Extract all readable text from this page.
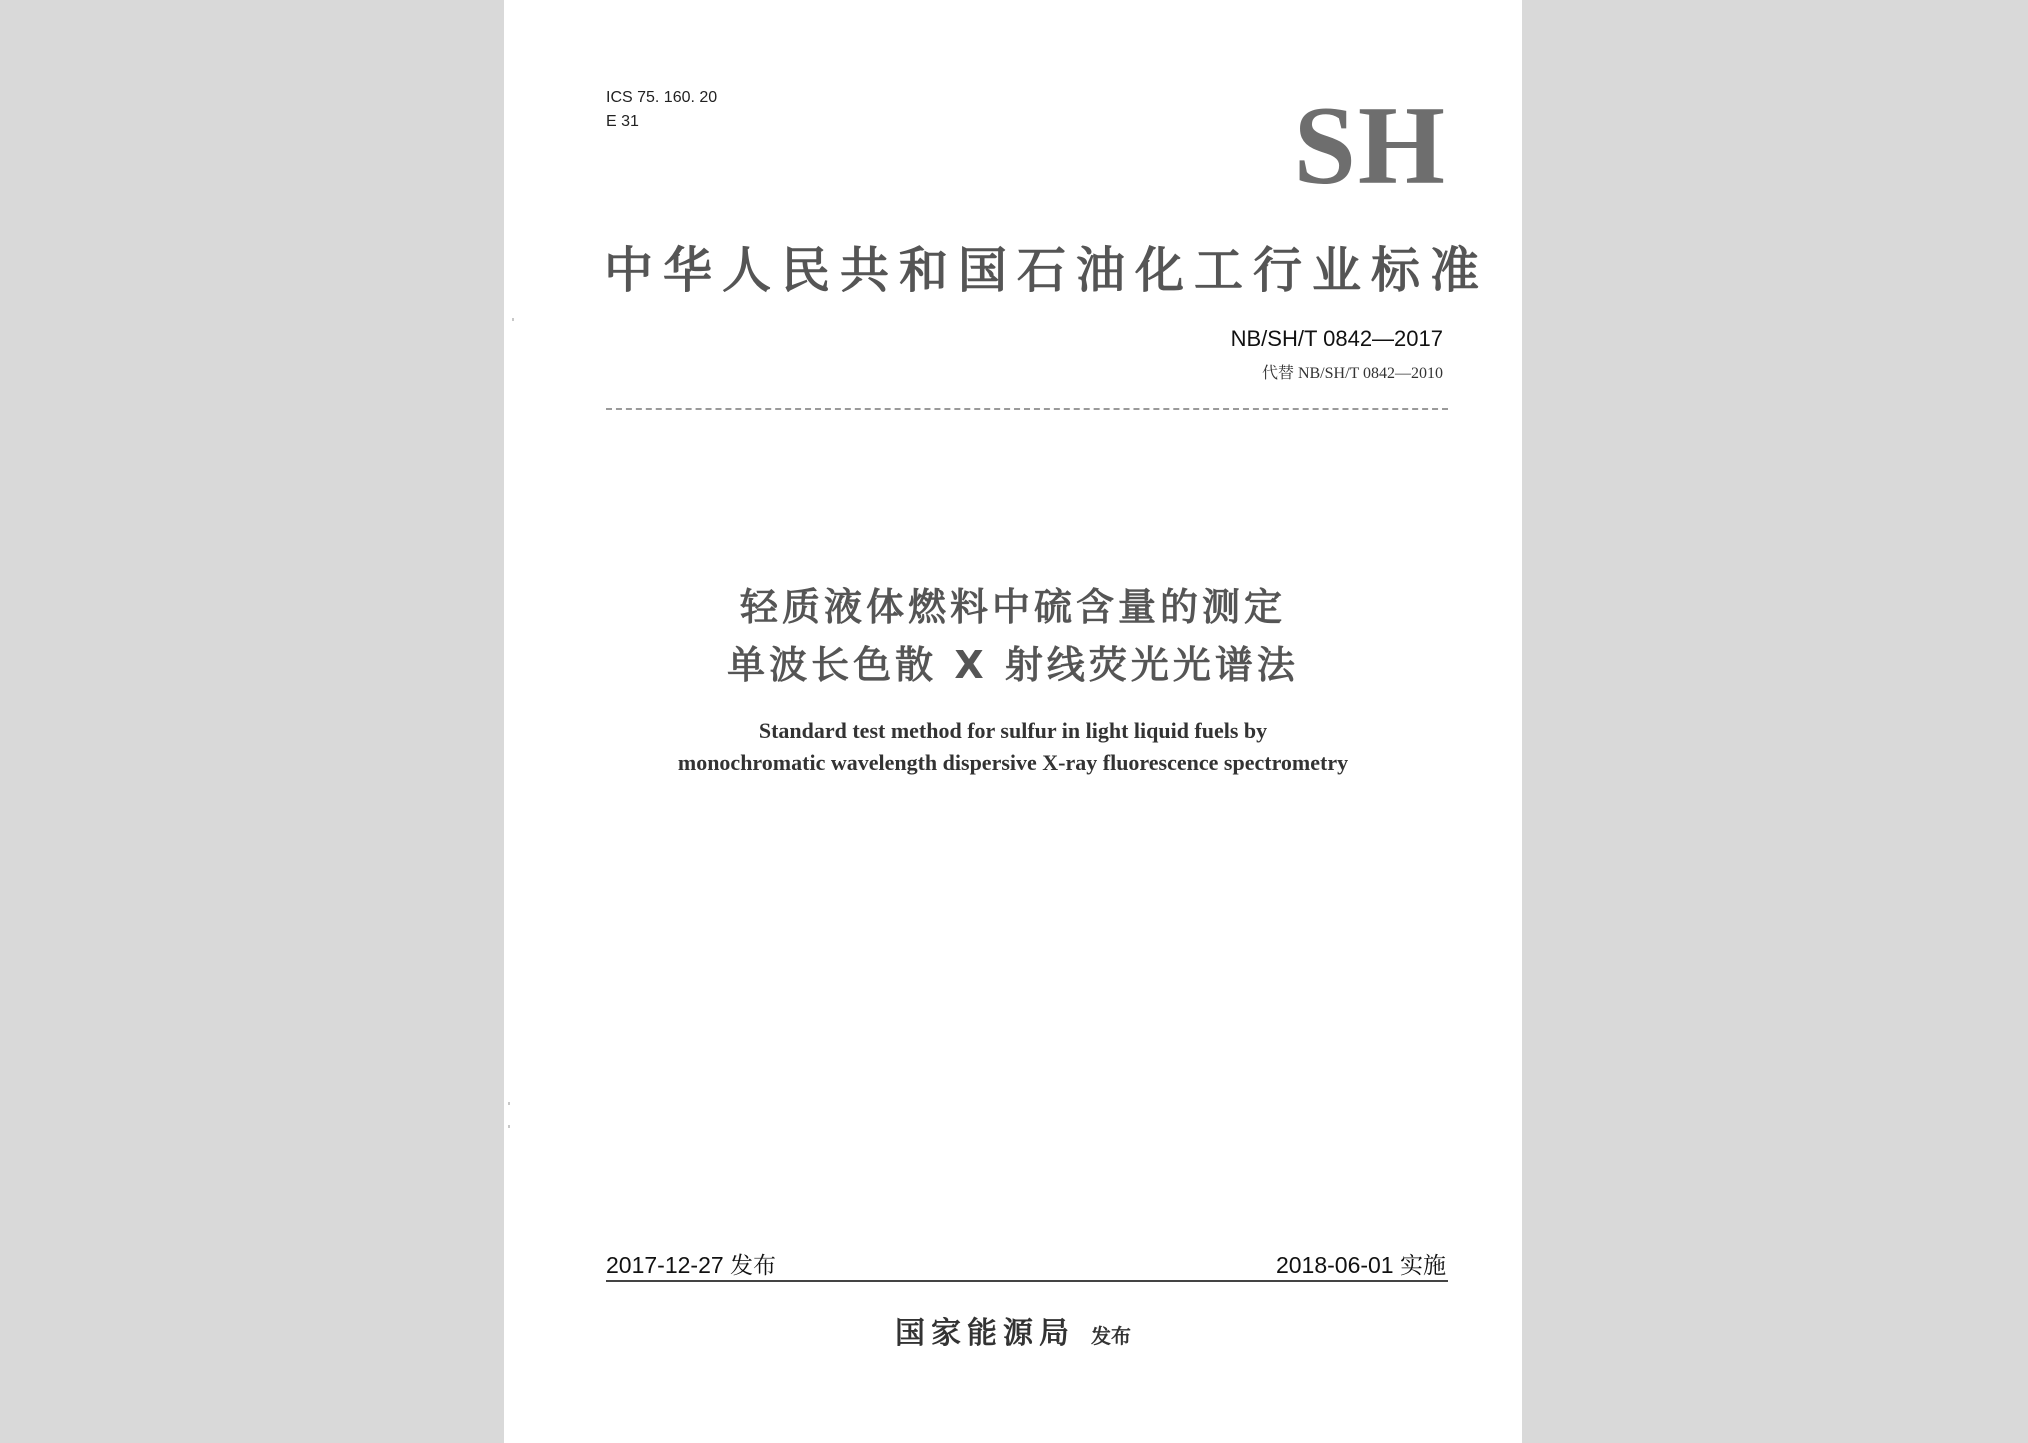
ICS 75. 160. 20
E 31	SH
中华人民共和国石油化工行业标准
NB/SH/T 0842—2017
代替 NB/SH/T 0842—2010
轻质液体燃料中硫含量的测定
单波长色散 X 射线荧光光谱法
Standard test method for sulfur in light liquid fuels by
monochromatic wavelength dispersive X-ray fluorescence spectrometry
2017-12-27 发布	2018-06-01 实施
国家能源局 发布
